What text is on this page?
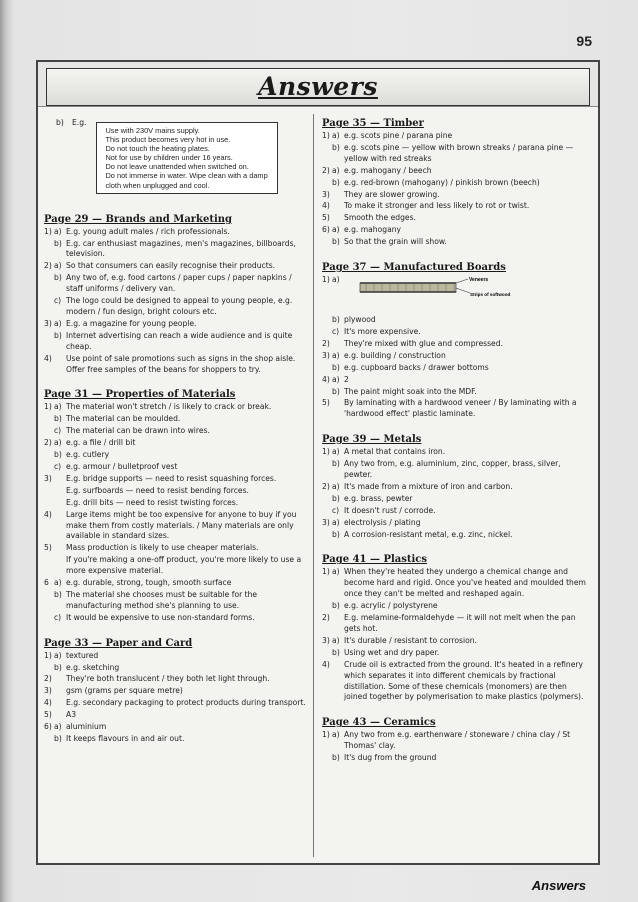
95
Answers
b)	E.g.
Use with 230V mains supply.
This product becomes very hot in use.
Do not touch the heating plates.
Not for use by children under 16 years.
Do not leave unattended when switched on.
Do not immerse in water. Wipe clean with a damp cloth when unplugged and cool.
Page 29 — Brands and Marketing
1) a) E.g. young adult males / rich professionals.
b) E.g. car enthusiast magazines, men's magazines, billboards, television.
2) a) So that consumers can easily recognise their products.
b) Any two of, e.g. food cartons / paper cups / paper napkins / staff uniforms / delivery van.
c) The logo could be designed to appeal to young people, e.g. modern / fun design, bright colours etc.
3) a) E.g. a magazine for young people.
b) Internet advertising can reach a wide audience and is quite cheap.
4) Use point of sale promotions such as signs in the shop aisle. Offer free samples of the beans for shoppers to try.
Page 31 — Properties of Materials
1) a) The material won't stretch / is likely to crack or break.
b) The material can be moulded.
c) The material can be drawn into wires.
2) a) e.g. a file / drill bit
b) e.g. cutlery
c) e.g. armour / bulletproof vest
3) E.g. bridge supports — need to resist squashing forces.
E.g. surfboards — need to resist bending forces.
E.g. drill bits — need to resist twisting forces.
4) Large items might be too expensive for anyone to buy if you make them from costly materials. / Many materials are only available in standard sizes.
5) Mass production is likely to use cheaper materials.
If you're making a one-off product, you're more likely to use a more expensive material.
6 a) e.g. durable, strong, tough, smooth surface
b) The material she chooses must be suitable for the manufacturing method she's planning to use.
c) It would be expensive to use non-standard forms.
Page 33 — Paper and Card
1) a) textured
b) e.g. sketching
2) They're both translucent / they both let light through.
3) gsm (grams per square metre)
4) E.g. secondary packaging to protect products during transport.
5) A3
6) a) aluminium
b) It keeps flavours in and air out.
Page 35 — Timber
1) a) e.g. scots pine / parana pine
b) e.g. scots pine — yellow with brown streaks / parana pine — yellow with red streaks
2) a) e.g. mahogany / beech
b) e.g. red-brown (mahogany) / pinkish brown (beech)
3) They are slower growing.
4) To make it stronger and less likely to rot or twist.
5) Smooth the edges.
6) a) e.g. mahogany
b) So that the grain will show.
Page 37 — Manufactured Boards
1) a)	Veneers
Strips of softwood
b) plywood
c) It's more expensive.
2) They're mixed with glue and compressed.
3) a) e.g. building / construction
b) e.g. cupboard backs / drawer bottoms
4) a) 2
b) The paint might soak into the MDF.
5) By laminating with a hardwood veneer / By laminating with a 'hardwood effect' plastic laminate.
Page 39 — Metals
1) a) A metal that contains iron.
b) Any two from, e.g. aluminium, zinc, copper, brass, silver, pewter.
2) a) It's made from a mixture of iron and carbon.
b) e.g. brass, pewter
c) It doesn't rust / corrode.
3) a) electrolysis / plating
b) A corrosion-resistant metal, e.g. zinc, nickel.
Page 41 — Plastics
1) a) When they're heated they undergo a chemical change and become hard and rigid. Once you've heated and moulded them once they can't be melted and reshaped again.
b) e.g. acrylic / polystyrene
2) E.g. melamine-formaldehyde — it will not melt when the pan gets hot.
3) a) It's durable / resistant to corrosion.
b) Using wet and dry paper.
4) Crude oil is extracted from the ground. It's heated in a refinery which separates it into different chemicals by fractional distillation. Some of these chemicals (monomers) are then joined together by polymerisation to make plastics (polymers).
Page 43 — Ceramics
1) a) Any two from e.g. earthenware / stoneware / china clay / St Thomas' clay.
b) It's dug from the ground
Answers
